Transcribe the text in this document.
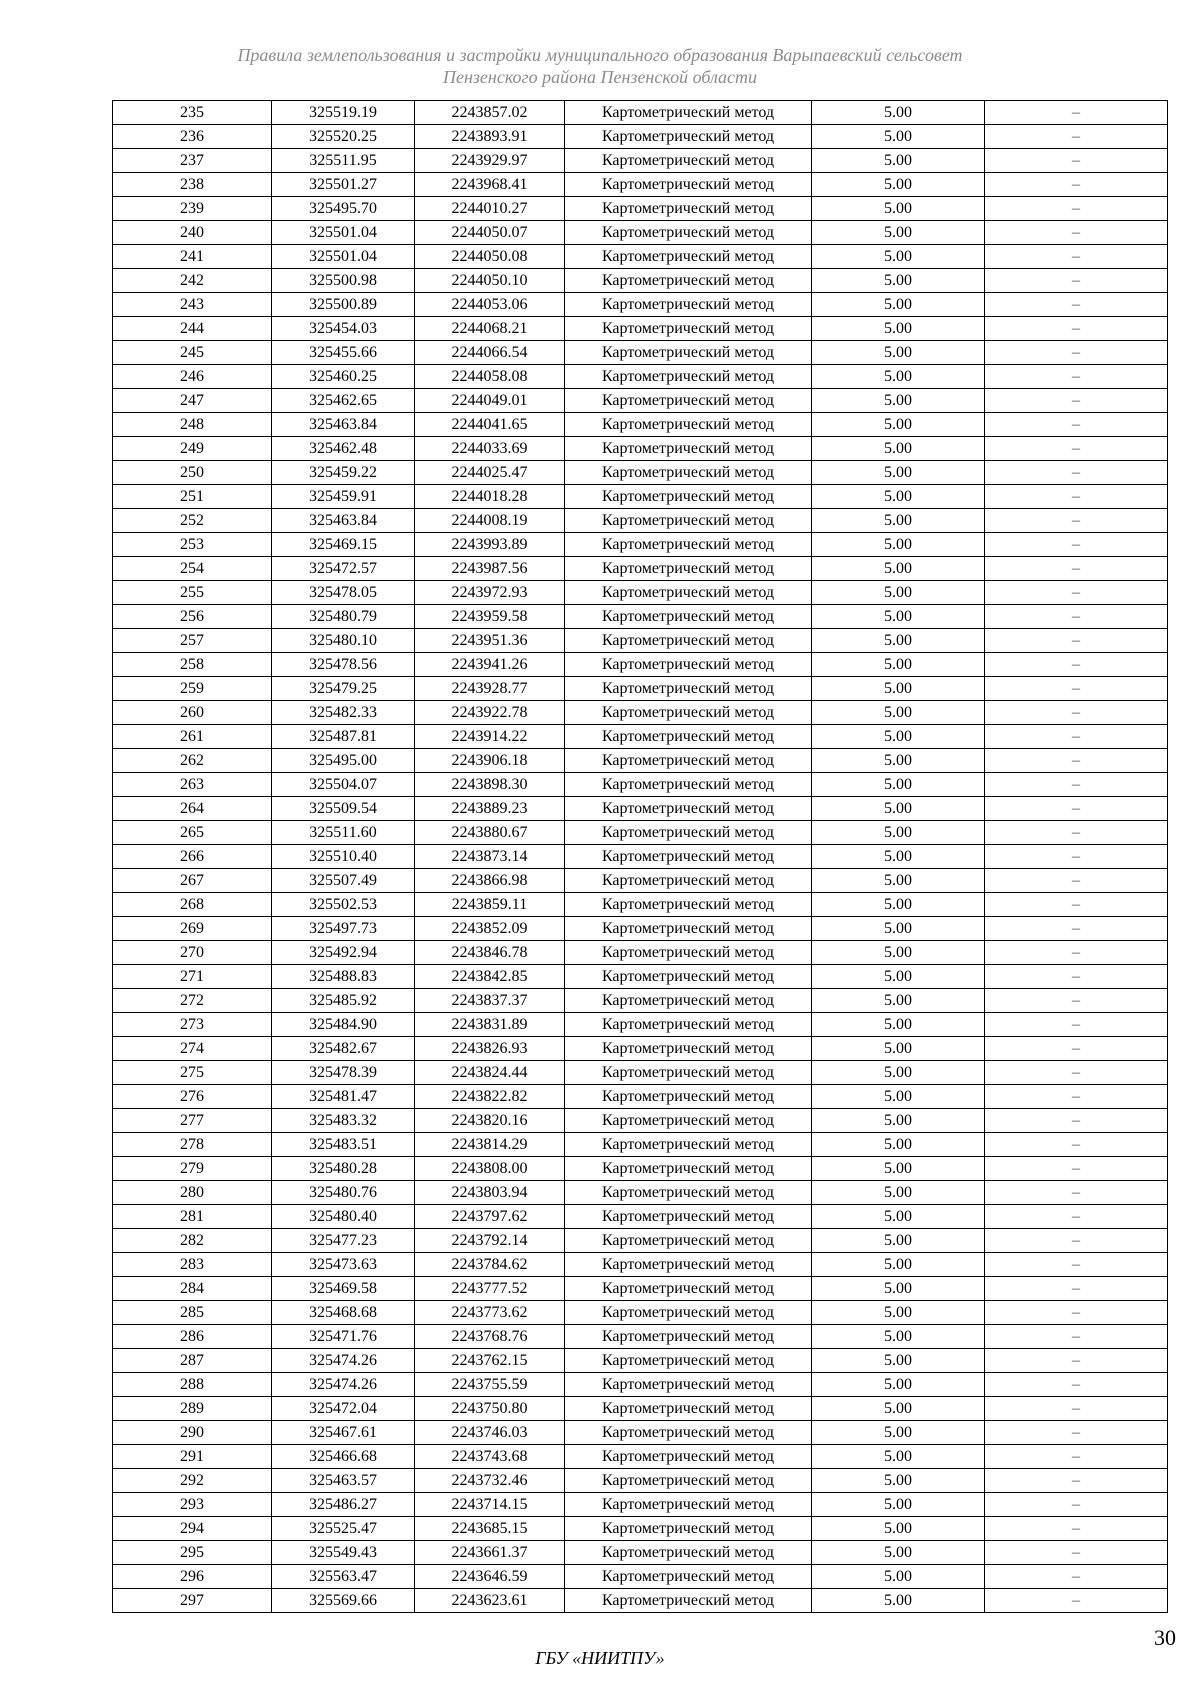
Правила землепользования и застройки муниципального образования Варыпаевский сельсовет
Пензенского района Пензенской области
235	325519.19	2243857.02	Картометрический метод	5.00	–
236	325520.25	2243893.91	Картометрический метод	5.00	–
237	325511.95	2243929.97	Картометрический метод	5.00	–
238	325501.27	2243968.41	Картометрический метод	5.00	–
239	325495.70	2244010.27	Картометрический метод	5.00	–
240	325501.04	2244050.07	Картометрический метод	5.00	–
241	325501.04	2244050.08	Картометрический метод	5.00	–
242	325500.98	2244050.10	Картометрический метод	5.00	–
243	325500.89	2244053.06	Картометрический метод	5.00	–
244	325454.03	2244068.21	Картометрический метод	5.00	–
245	325455.66	2244066.54	Картометрический метод	5.00	–
246	325460.25	2244058.08	Картометрический метод	5.00	–
247	325462.65	2244049.01	Картометрический метод	5.00	–
248	325463.84	2244041.65	Картометрический метод	5.00	–
249	325462.48	2244033.69	Картометрический метод	5.00	–
250	325459.22	2244025.47	Картометрический метод	5.00	–
251	325459.91	2244018.28	Картометрический метод	5.00	–
252	325463.84	2244008.19	Картометрический метод	5.00	–
253	325469.15	2243993.89	Картометрический метод	5.00	–
254	325472.57	2243987.56	Картометрический метод	5.00	–
255	325478.05	2243972.93	Картометрический метод	5.00	–
256	325480.79	2243959.58	Картометрический метод	5.00	–
257	325480.10	2243951.36	Картометрический метод	5.00	–
258	325478.56	2243941.26	Картометрический метод	5.00	–
259	325479.25	2243928.77	Картометрический метод	5.00	–
260	325482.33	2243922.78	Картометрический метод	5.00	–
261	325487.81	2243914.22	Картометрический метод	5.00	–
262	325495.00	2243906.18	Картометрический метод	5.00	–
263	325504.07	2243898.30	Картометрический метод	5.00	–
264	325509.54	2243889.23	Картометрический метод	5.00	–
265	325511.60	2243880.67	Картометрический метод	5.00	–
266	325510.40	2243873.14	Картометрический метод	5.00	–
267	325507.49	2243866.98	Картометрический метод	5.00	–
268	325502.53	2243859.11	Картометрический метод	5.00	–
269	325497.73	2243852.09	Картометрический метод	5.00	–
270	325492.94	2243846.78	Картометрический метод	5.00	–
271	325488.83	2243842.85	Картометрический метод	5.00	–
272	325485.92	2243837.37	Картометрический метод	5.00	–
273	325484.90	2243831.89	Картометрический метод	5.00	–
274	325482.67	2243826.93	Картометрический метод	5.00	–
275	325478.39	2243824.44	Картометрический метод	5.00	–
276	325481.47	2243822.82	Картометрический метод	5.00	–
277	325483.32	2243820.16	Картометрический метод	5.00	–
278	325483.51	2243814.29	Картометрический метод	5.00	–
279	325480.28	2243808.00	Картометрический метод	5.00	–
280	325480.76	2243803.94	Картометрический метод	5.00	–
281	325480.40	2243797.62	Картометрический метод	5.00	–
282	325477.23	2243792.14	Картометрический метод	5.00	–
283	325473.63	2243784.62	Картометрический метод	5.00	–
284	325469.58	2243777.52	Картометрический метод	5.00	–
285	325468.68	2243773.62	Картометрический метод	5.00	–
286	325471.76	2243768.76	Картометрический метод	5.00	–
287	325474.26	2243762.15	Картометрический метод	5.00	–
288	325474.26	2243755.59	Картометрический метод	5.00	–
289	325472.04	2243750.80	Картометрический метод	5.00	–
290	325467.61	2243746.03	Картометрический метод	5.00	–
291	325466.68	2243743.68	Картометрический метод	5.00	–
292	325463.57	2243732.46	Картометрический метод	5.00	–
293	325486.27	2243714.15	Картометрический метод	5.00	–
294	325525.47	2243685.15	Картометрический метод	5.00	–
295	325549.43	2243661.37	Картометрический метод	5.00	–
296	325563.47	2243646.59	Картометрический метод	5.00	–
297	325569.66	2243623.61	Картометрический метод	5.00	–
30
ГБУ «НИИТПУ»
